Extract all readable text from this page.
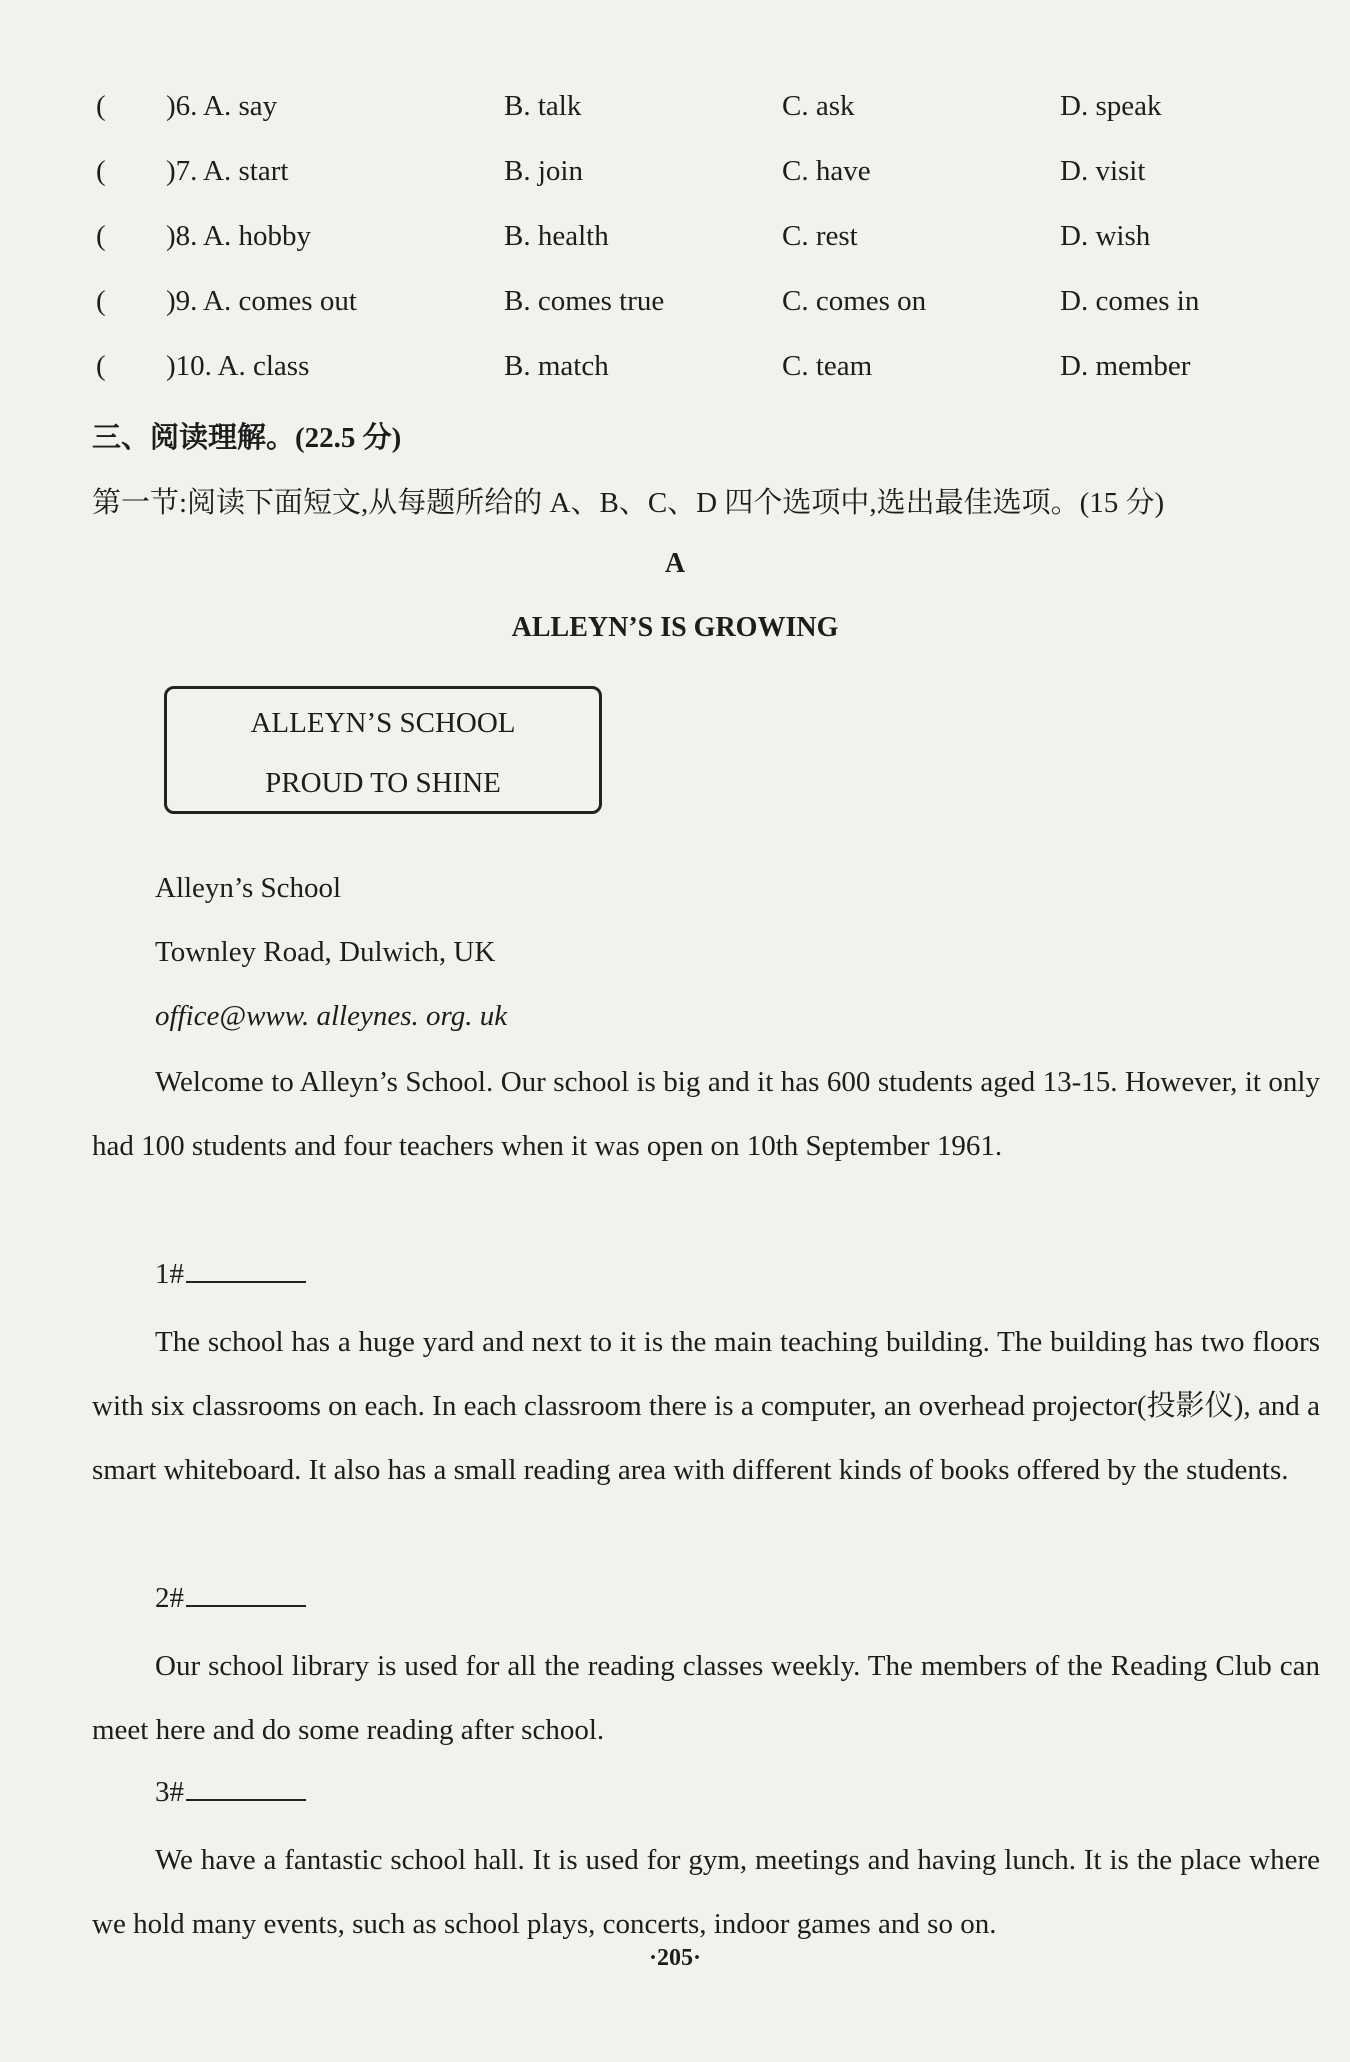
( )6. A. say	B. talk	C. ask	D. speak
( )7. A. start	B. join	C. have	D. visit
( )8. A. hobby	B. health	C. rest	D. wish
( )9. A. comes out	B. comes true	C. comes on	D. comes in
( )10. A. class	B. match	C. team	D. member
三、阅读理解。(22.5 分)
第一节:阅读下面短文,从每题所给的 A、B、C、D 四个选项中,选出最佳选项。(15 分)
A
ALLEYN’S IS GROWING
ALLEYN’S SCHOOL
PROUD TO SHINE
Alleyn’s School
Townley Road, Dulwich, UK
office@www. alleynes. org. uk
Welcome to Alleyn’s School. Our school is big and it has 600 students aged 13-15. However, it only had 100 students and four teachers when it was open on 10th September 1961.
1#
The school has a huge yard and next to it is the main teaching building. The building has two floors with six classrooms on each. In each classroom there is a computer, an overhead projector(投影仪), and a smart whiteboard. It also has a small reading area with different kinds of books offered by the students.
2#
Our school library is used for all the reading classes weekly. The members of the Reading Club can meet here and do some reading after school.
3#
We have a fantastic school hall. It is used for gym, meetings and having lunch. It is the place where we hold many events, such as school plays, concerts, indoor games and so on.
·205·
